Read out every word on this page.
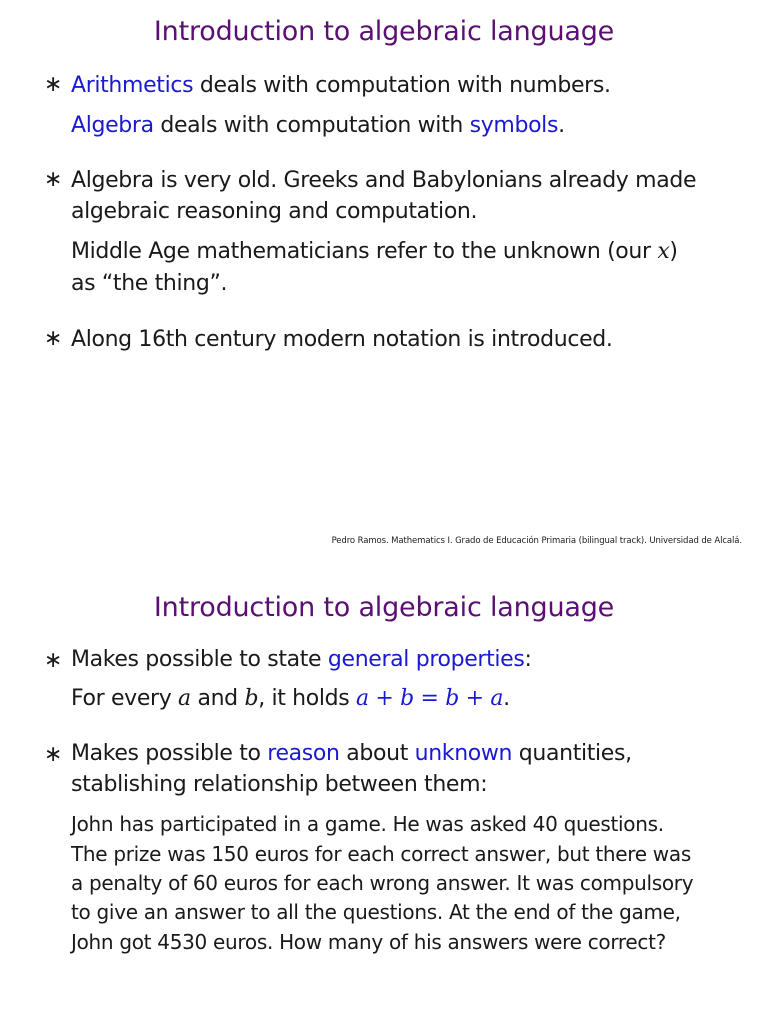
Introduction to algebraic language
∗ Arithmetics deals with computation with numbers.
Algebra deals with computation with symbols.
∗ Algebra is very old. Greeks and Babylonians already made
algebraic reasoning and computation.
Middle Age mathematicians refer to the unknown (our x)
as “the thing”.
∗ Along 16th century modern notation is introduced.
Pedro Ramos. Mathematics I. Grado de Educación Primaria (bilingual track). Universidad de Alcalá.
Introduction to algebraic language
∗ Makes possible to state general properties:
For every a and b, it holds a + b = b + a.
∗ Makes possible to reason about unknown quantities,
stablishing relationship between them:
John has participated in a game. He was asked 40 questions.
The prize was 150 euros for each correct answer, but there was
a penalty of 60 euros for each wrong answer. It was compulsory
to give an answer to all the questions. At the end of the game,
John got 4530 euros. How many of his answers were correct?
